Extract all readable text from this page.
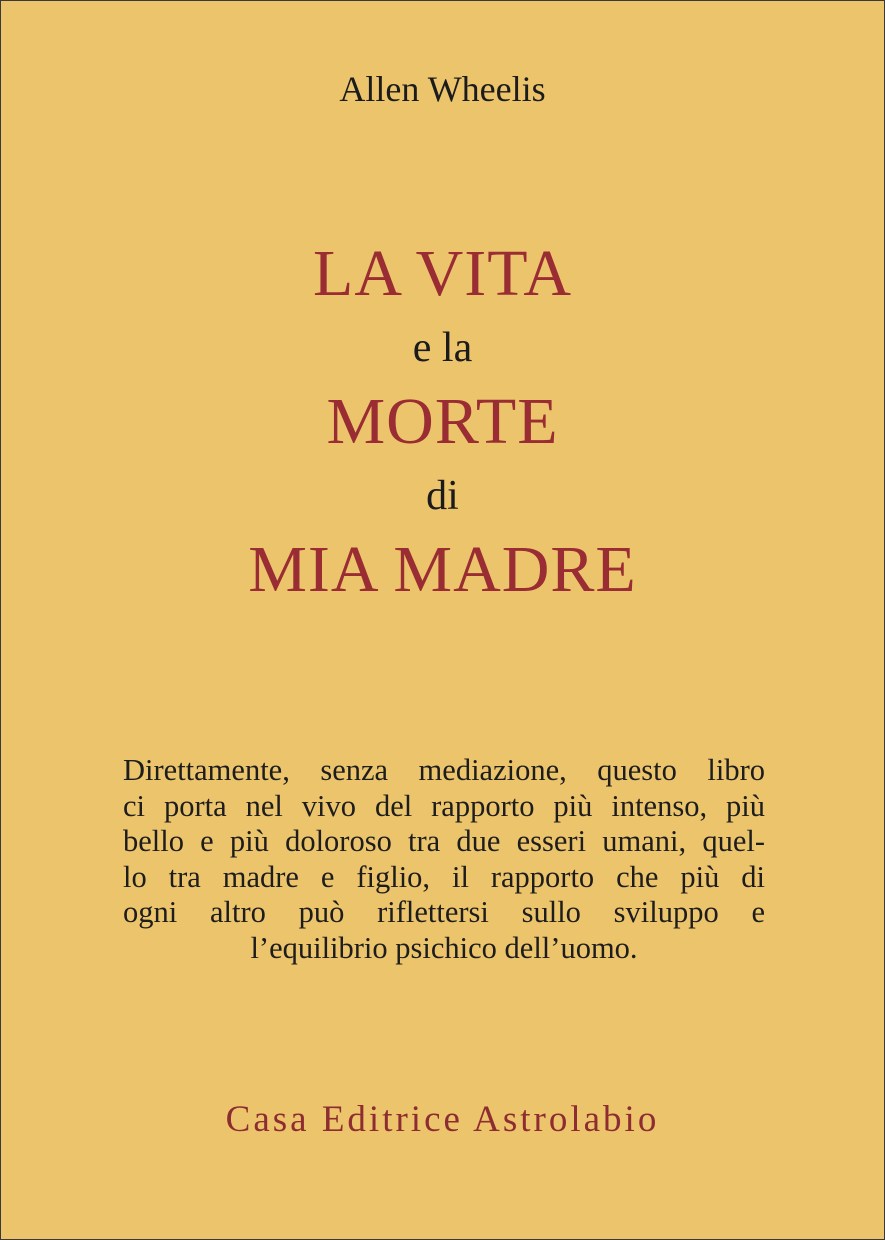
Allen Wheelis
LA VITA
e la
MORTE
di
MIA MADRE
Direttamente, senza mediazione, questo libro
ci porta nel vivo del rapporto più intenso, più
bello e più doloroso tra due esseri umani, quel-
lo tra madre e figlio, il rapporto che più di
ogni altro può riflettersi sullo sviluppo e
l’equilibrio psichico dell’uomo.
Casa Editrice Astrolabio
